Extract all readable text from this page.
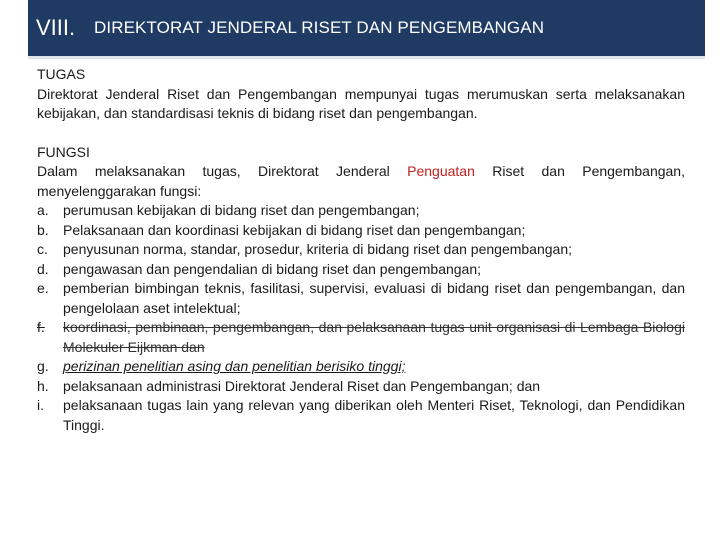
VIII.	DIREKTORAT JENDERAL RISET DAN PENGEMBANGAN

TUGAS

Direktorat Jenderal Riset dan Pengembangan mempunyai tugas merumuskan serta melaksanakan kebijakan, dan standardisasi teknis di bidang riset dan pengembangan.

FUNGSI

Dalam melaksanakan tugas, Direktorat Jenderal Penguatan Riset dan Pengembangan, menyelenggarakan fungsi:

a.	perumusan kebijakan di bidang riset dan pengembangan;
b.	Pelaksanaan dan koordinasi kebijakan di bidang riset dan pengembangan;
c.	penyusunan norma, standar, prosedur, kriteria di bidang riset dan pengembangan;
d.	pengawasan dan pengendalian di bidang riset dan pengembangan;
e.	pemberian bimbingan teknis, fasilitasi, supervisi, evaluasi di bidang riset dan pengembangan, dan pengelolaan aset intelektual;
f.	koordinasi, pembinaan, pengembangan, dan pelaksanaan tugas unit organisasi di Lembaga Biologi Molekuler Eijkman dan
g.	perizinan penelitian asing dan penelitian berisiko tinggi;
h.	pelaksanaan administrasi Direktorat Jenderal Riset dan Pengembangan; dan
i.	pelaksanaan tugas lain yang relevan yang diberikan oleh Menteri Riset, Teknologi, dan Pendidikan Tinggi.
